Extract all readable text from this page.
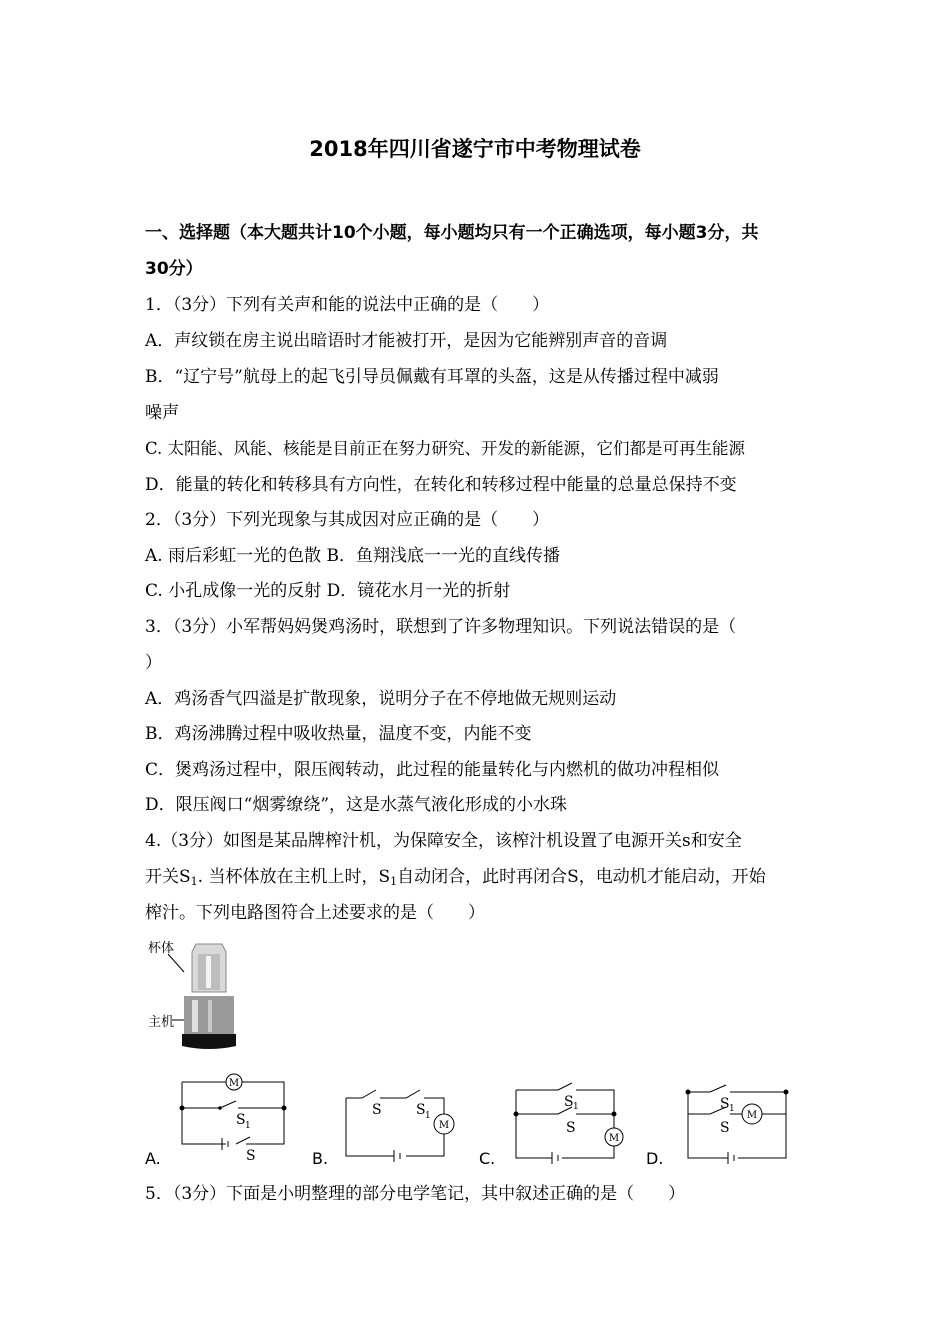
2018年四川省遂宁市中考物理试卷
一、选择题（本大题共计10个小题，每小题均只有一个正确选项，每小题3分，共
30分）
1．（3分）下列有关声和能的说法中正确的是（　　）
A．声纹锁在房主说出暗语时才能被打开，是因为它能辨别声音的音调
B．“辽宁号”航母上的起飞引导员佩戴有耳罩的头盔，这是从传播过程中减弱
噪声
C. 太阳能、风能、核能是目前正在努力研究、开发的新能源，它们都是可再生能源
D．能量的转化和转移具有方向性，在转化和转移过程中能量的总量总保持不变
2．（3分）下列光现象与其成因对应正确的是（　　）
A. 雨后彩虹一光的色散 B．鱼翔浅底一一光的直线传播
C. 小孔成像一光的反射 D．镜花水月一光的折射
3．（3分）小军帮妈妈煲鸡汤时，联想到了许多物理知识。下列说法错误的是（
）
A．鸡汤香气四溢是扩散现象，说明分子在不停地做无规则运动
B．鸡汤沸腾过程中吸收热量，温度不变，内能不变
C．煲鸡汤过程中，限压阀转动，此过程的能量转化与内燃机的做功冲程相似
D．限压阀口“烟雾缭绕”，这是水蒸气液化形成的小水珠
4.（3分）如图是某品牌榨汁机，为保障安全，该榨汁机设置了电源开关s和安全
开关$S_1$. 当杯体放在主机上时，$S_1$自动闭合，此时再闭合S，电动机才能启动，开始
榨汁。下列电路图符合上述要求的是（　　）
杯体
主机
M
S 1
S
A.
M
S S 1
B.
M
S 1
S
C.
M
S 1
S
D.
5．（3分）下面是小明整理的部分电学笔记，其中叙述正确的是（　　）
